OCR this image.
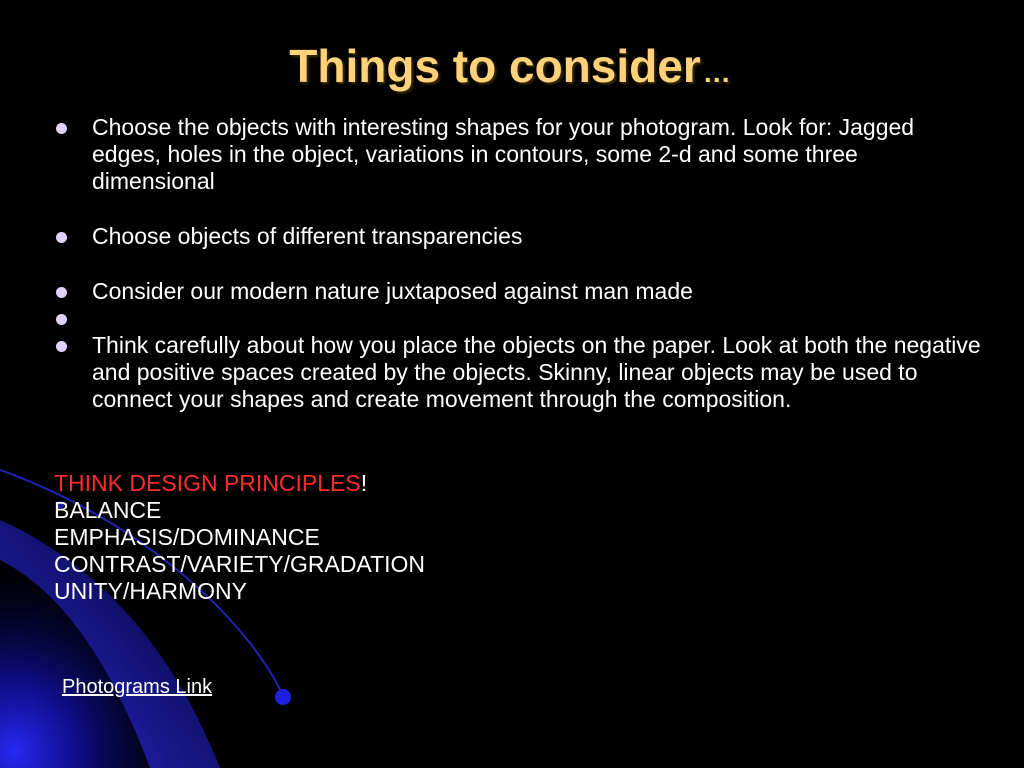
Things to consider…
Choose the objects with interesting shapes for your photogram. Look for: Jagged edges, holes in the object, variations in contours, some 2-d and some three dimensional
Choose objects of different transparencies
Consider our modern nature juxtaposed against man made
Think carefully about how you place the objects on the paper. Look at both the negative and positive spaces created by the objects. Skinny, linear objects may be used to connect your shapes and create movement through the composition.
THINK DESIGN PRINCIPLES!
BALANCE
EMPHASIS/DOMINANCE
CONTRAST/VARIETY/GRADATION
UNITY/HARMONY
Photograms Link
